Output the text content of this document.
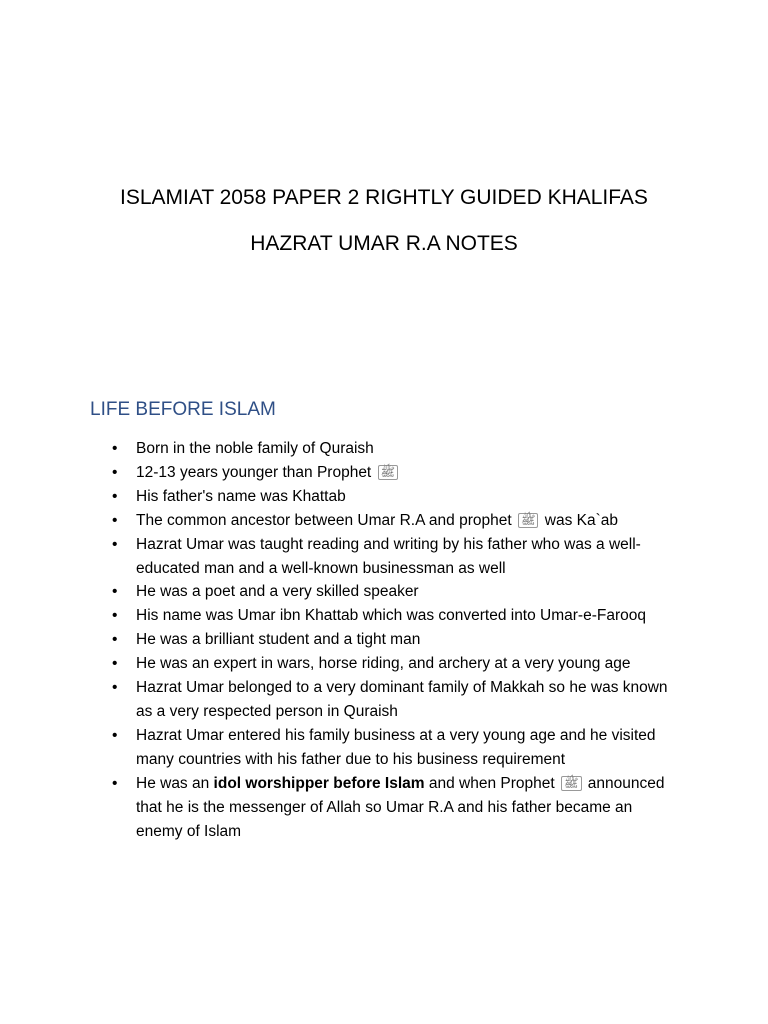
ISLAMIAT 2058 PAPER 2 RIGHTLY GUIDED KHALIFAS
HAZRAT UMAR R.A NOTES
LIFE BEFORE ISLAM
•
Born in the noble family of Quraish
•
12-13 years younger than Prophet ﷺ
•
His father's name was Khattab
•
The common ancestor between Umar R.A and prophet ﷺ was Ka`ab
•
Hazrat Umar was taught reading and writing by his father who was a well-educated man and a well-known businessman as well
•
He was a poet and a very skilled speaker
•
His name was Umar ibn Khattab which was converted into Umar-e-Farooq
•
He was a brilliant student and a tight man
•
He was an expert in wars, horse riding, and archery at a very young age
•
Hazrat Umar belonged to a very dominant family of Makkah so he was known as a very respected person in Quraish
•
Hazrat Umar entered his family business at a very young age and he visited many countries with his father due to his business requirement
•
He was an idol worshipper before Islam and when Prophet ﷺ announced that he is the messenger of Allah so Umar R.A and his father became an enemy of Islam
